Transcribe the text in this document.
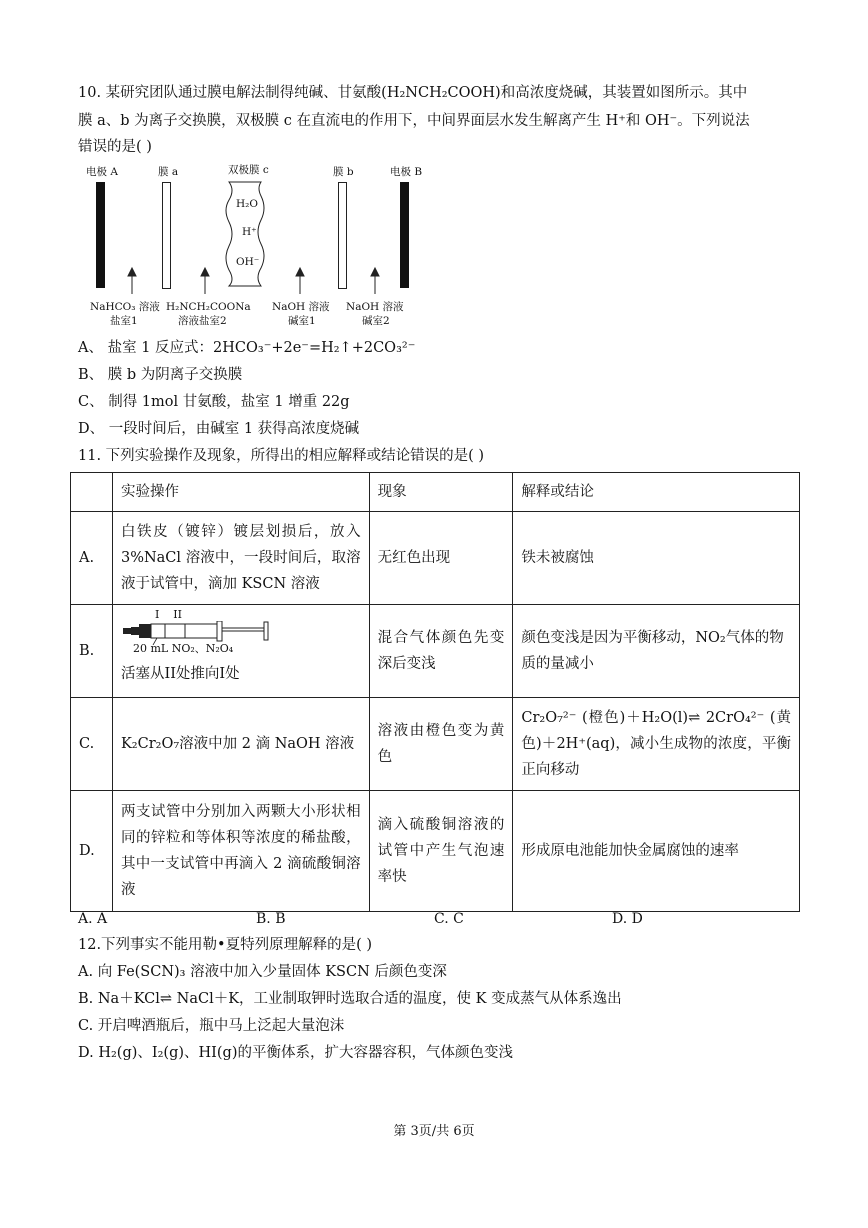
10. 某研究团队通过膜电解法制得纯碱、甘氨酸(H₂NCH₂COOH)和高浓度烧碱，其装置如图所示。其中
膜 a、b 为离子交换膜，双极膜 c 在直流电的作用下，中间界面层水发生解离产生 H⁺和 OH⁻。下列说法
错误的是( )
电极 A	膜 a	双极膜 c	膜 b	电极 B
H₂O
H⁺
OH⁻
NaHCO₃ 溶液
盐室1
H₂NCH₂COONa
溶液盐室2
NaOH 溶液
碱室1
NaOH 溶液
碱室2
A、 盐室 1 反应式：2HCO₃⁻+2e⁻=H₂↑+2CO₃²⁻
B、 膜 b 为阴离子交换膜
C、 制得 1mol 甘氨酸，盐室 1 增重 22g
D、 一段时间后，由碱室 1 获得高浓度烧碱
11. 下列实验操作及现象，所得出的相应解释或结论错误的是( )
	实验操作	现象	解释或结论
A.	白铁皮（镀锌）镀层划损后，放入3%NaCl 溶液中，一段时间后，取溶液于试管中，滴加 KSCN 溶液	无红色出现	铁未被腐蚀
B.	I    II
20 mL NO₂、N₂O₄
活塞从II处推向I处	混合气体颜色先变深后变浅	颜色变浅是因为平衡移动，NO₂气体的物质的量减小
C.	K₂Cr₂O₇溶液中加 2 滴 NaOH 溶液	溶液由橙色变为黄色	Cr₂O₇²⁻ (橙色)＋H₂O(l)⇌ 2CrO₄²⁻ (黄色)＋2H⁺(aq)，减小生成物的浓度，平衡正向移动
D.	两支试管中分别加入两颗大小形状相同的锌粒和等体积等浓度的稀盐酸，其中一支试管中再滴入 2 滴硫酸铜溶液	滴入硫酸铜溶液的试管中产生气泡速率快	形成原电池能加快金属腐蚀的速率
A. A	B. B	C. C	D. D
12.下列事实不能用勒•夏特列原理解释的是( )
A. 向 Fe(SCN)₃ 溶液中加入少量固体 KSCN 后颜色变深
B. Na＋KCl⇌ NaCl＋K，工业制取钾时选取合适的温度，使 K 变成蒸气从体系逸出
C. 开启啤酒瓶后，瓶中马上泛起大量泡沫
D. H₂(g)、I₂(g)、HI(g)的平衡体系，扩大容器容积，气体颜色变浅
第 3页/共 6页
